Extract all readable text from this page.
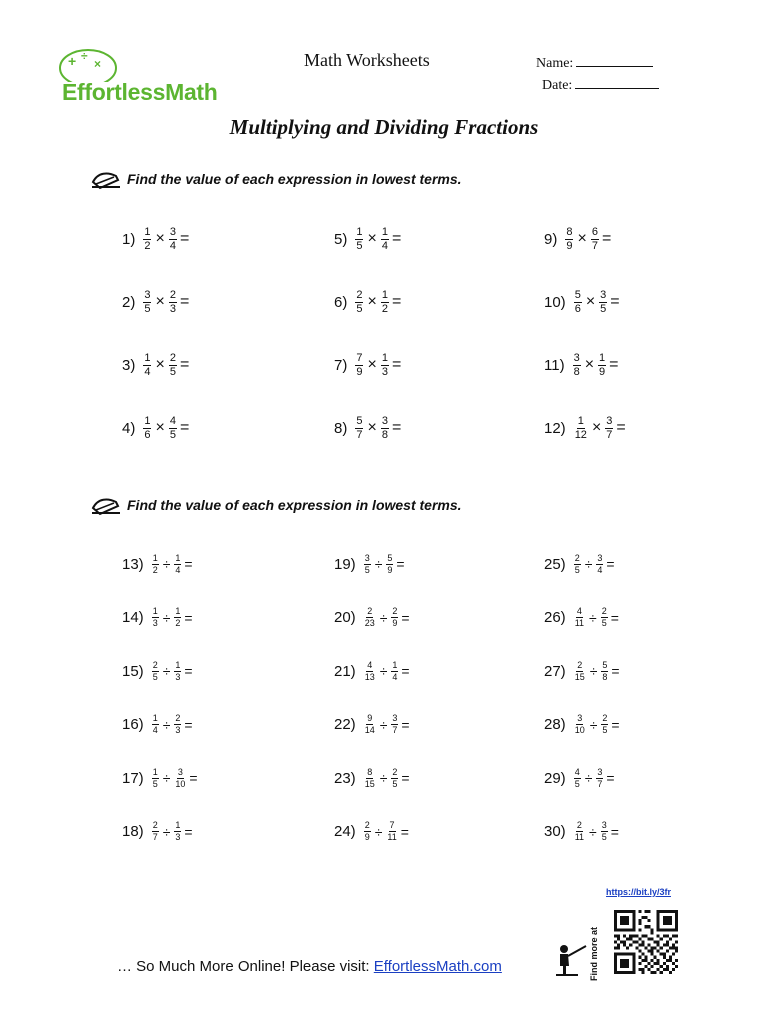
+ ÷
×
EffortlessMath
Math Worksheets	Name:
Date:
Multiplying and Dividing Fractions
Find the value of each expression in lowest terms.
$1) \frac{1}{2} \times \frac{3}{4}$ =
$2) \frac{3}{5} \times \frac{2}{3}$ =
$3) \frac{1}{4} \times \frac{2}{5}$ =
$4) \frac{1}{6} \times \frac{4}{5}$ =
$5) \frac{1}{5} \times \frac{1}{4}$ =
$6) \frac{2}{5} \times \frac{1}{2}$ =
$7) \frac{7}{9} \times \frac{1}{3}$ =
$8) \frac{5}{7} \times \frac{3}{8}$ =
$9) \frac{8}{9} \times \frac{6}{7}$ =
$10) \frac{5}{6} \times \frac{3}{5}$ =
$11) \frac{3}{8} \times \frac{1}{9}$ =
$12) \frac{1}{12} \times \frac{3}{7}$ =
Find the value of each expression in lowest terms.
$13) \frac{1}{2} \div \frac{1}{4}$ =
$14) \frac{1}{3} \div \frac{1}{2}$ =
$15) \frac{2}{5} \div \frac{1}{3}$ =
$16) \frac{1}{4} \div \frac{2}{3}$ =
$17) \frac{1}{5} \div \frac{3}{10}$ =
$18) \frac{2}{7} \div \frac{1}{3}$ =
$19) \frac{3}{5} \div \frac{5}{9}$ =
$20) \frac{2}{23} \div \frac{2}{9}$ =
$21) \frac{4}{13} \div \frac{1}{4}$ =
$22) \frac{9}{14} \div \frac{3}{7}$ =
$23) \frac{8}{15} \div \frac{2}{5}$ =
$24) \frac{2}{9} \div \frac{7}{11}$ =
$25) \frac{2}{5} \div \frac{3}{4}$ =
$26) \frac{4}{11} \div \frac{2}{5}$ =
$27) \frac{2}{15} \div \frac{5}{8}$ =
$28) \frac{3}{10} \div \frac{2}{5}$ =
$29) \frac{4}{5} \div \frac{3}{7}$ =
$30) \frac{2}{11} \div \frac{3}{5}$ =
https://bit.ly/3fr
… So Much More Online! Please visit: EffortlessMath.com	Find more at
